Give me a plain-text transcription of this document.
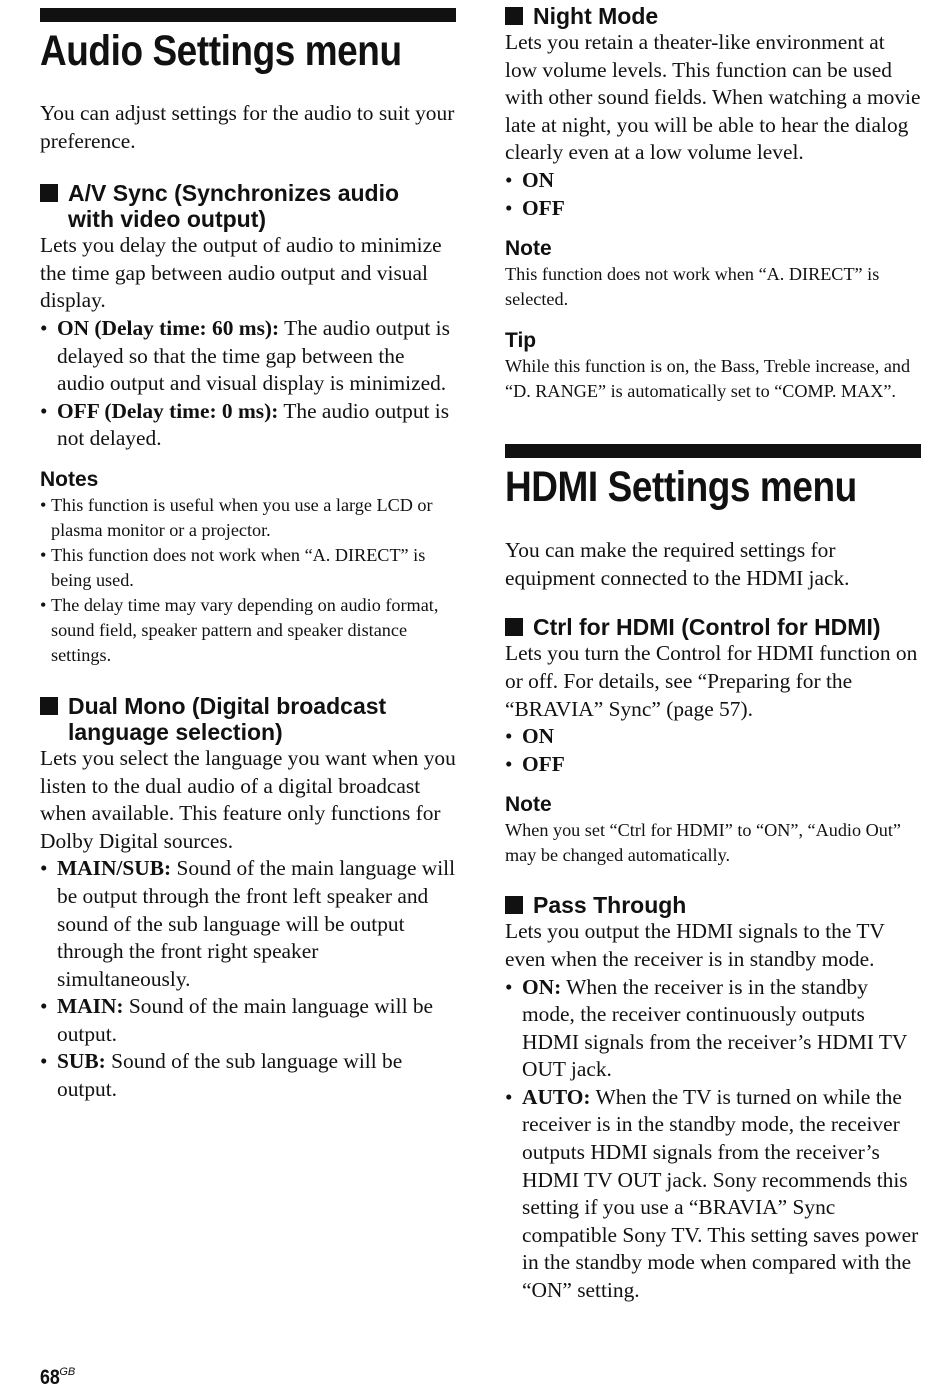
Audio Settings menu

You can adjust settings for the audio to suit your preference.

A/V Sync (Synchronizes audio
with video output)

Lets you delay the output of audio to minimize the time gap between audio output and visual display.

• ON (Delay time: 60 ms): The audio output is delayed so that the time gap between the audio output and visual display is minimized.
• OFF (Delay time: 0 ms): The audio output is not delayed.
Notes
• This function is useful when you use a large LCD or plasma monitor or a projector.
• This function does not work when “A. DIRECT” is being used.
• The delay time may vary depending on audio format, sound field, speaker pattern and speaker distance settings.
Dual Mono (Digital broadcast
language selection)

Lets you select the language you want when you listen to the dual audio of a digital broadcast when available. This feature only functions for Dolby Digital sources.

• MAIN/SUB: Sound of the main language will be output through the front left speaker and sound of the sub language will be output through the front right speaker simultaneously.
• MAIN: Sound of the main language will be output.
• SUB: Sound of the sub language will be output.
Night Mode

Lets you retain a theater-like environment at low volume levels. This function can be used with other sound fields. When watching a movie late at night, you will be able to hear the dialog clearly even at a low volume level.

• ON
• OFF
Note

This function does not work when “A. DIRECT” is selected.

Tip

While this function is on, the Bass, Treble increase, and “D. RANGE” is automatically set to “COMP. MAX”.

HDMI Settings menu

You can make the required settings for equipment connected to the HDMI jack.

Ctrl for HDMI (Control for HDMI)

Lets you turn the Control for HDMI function on or off. For details, see “Preparing for the “BRAVIA” Sync” (page 57).

• ON
• OFF
Note

When you set “Ctrl for HDMI” to “ON”, “Audio Out” may be changed automatically.

Pass Through

Lets you output the HDMI signals to the TV even when the receiver is in standby mode.

• ON: When the receiver is in the standby mode, the receiver continuously outputs HDMI signals from the receiver’s HDMI TV OUT jack.
• AUTO: When the TV is turned on while the receiver is in the standby mode, the receiver outputs HDMI signals from the receiver’s HDMI TV OUT jack. Sony recommends this setting if you use a “BRAVIA” Sync compatible Sony TV. This setting saves power in the standby mode when compared with the “ON” setting.
$68^{GB}$
